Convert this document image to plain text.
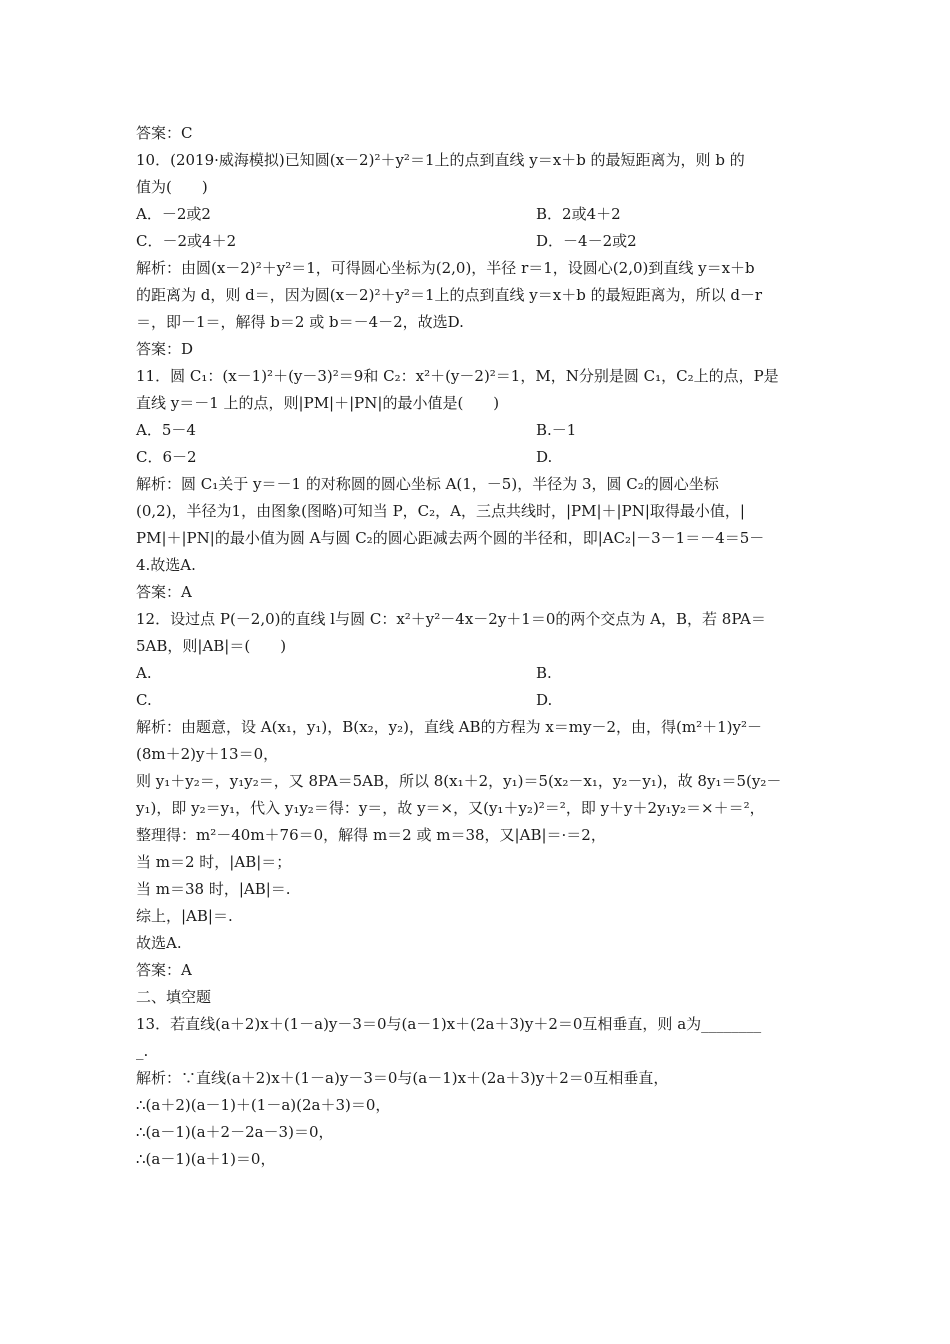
答案：C
10．(2019·威海模拟)已知圆(x－2)²＋y²＝1上的点到直线 y＝x＋b 的最短距离为，则 b 的
值为(　　)
A．－2或2	B．2或4＋2
C．－2或4＋2	D．－4－2或2
解析：由圆(x－2)²＋y²＝1，可得圆心坐标为(2,0)，半径 r＝1，设圆心(2,0)到直线 y＝x＋b
的距离为 d，则 d＝，因为圆(x－2)²＋y²＝1上的点到直线 y＝x＋b 的最短距离为，所以 d－r
＝，即－1＝，解得 b＝2 或 b＝－4－2，故选D.
答案：D
11．圆 C₁：(x－1)²＋(y－3)²＝9和 C₂：x²＋(y－2)²＝1，M，N分别是圆 C₁，C₂上的点，P是
直线 y＝－1 上的点，则|PM|＋|PN|的最小值是(　　)
A．5－4	B.－1
C．6－2	D.
解析：圆 C₁关于 y＝－1 的对称圆的圆心坐标 A(1，－5)，半径为 3，圆 C₂的圆心坐标
(0,2)，半径为1，由图象(图略)可知当 P，C₂，A，三点共线时，|PM|＋|PN|取得最小值，|
PM|＋|PN|的最小值为圆 A与圆 C₂的圆心距减去两个圆的半径和，即|AC₂|－3－1＝－4＝5－
4.故选A.
答案：A
12．设过点 P(－2,0)的直线 l与圆 C：x²＋y²－4x－2y＋1＝0的两个交点为 A，B，若 8PA＝
5AB，则|AB|＝(　　)
A.	B.
C.	D.
解析：由题意，设 A(x₁，y₁)，B(x₂，y₂)，直线 AB的方程为 x＝my－2，由，得(m²＋1)y²－
(8m＋2)y＋13＝0，
则 y₁＋y₂＝，y₁y₂＝，又 8PA＝5AB，所以 8(x₁＋2，y₁)＝5(x₂－x₁，y₂－y₁)，故 8y₁＝5(y₂－
y₁)，即 y₂＝y₁，代入 y₁y₂＝得：y＝，故 y＝×，又(y₁＋y₂)²＝²，即 y＋y＋2y₁y₂＝×＋＝²，
整理得：m²－40m＋76＝0，解得 m＝2 或 m＝38，又|AB|＝·＝2，
当 m＝2 时，|AB|＝；
当 m＝38 时，|AB|＝.
综上，|AB|＝.
故选A.
答案：A
二、填空题
13．若直线(a＋2)x＋(1－a)y－3＝0与(a－1)x＋(2a＋3)y＋2＝0互相垂直，则 a为________
_.
解析：∵直线(a＋2)x＋(1－a)y－3＝0与(a－1)x＋(2a＋3)y＋2＝0互相垂直，
∴(a＋2)(a－1)＋(1－a)(2a＋3)＝0，
∴(a－1)(a＋2－2a－3)＝0，
∴(a－1)(a＋1)＝0，
